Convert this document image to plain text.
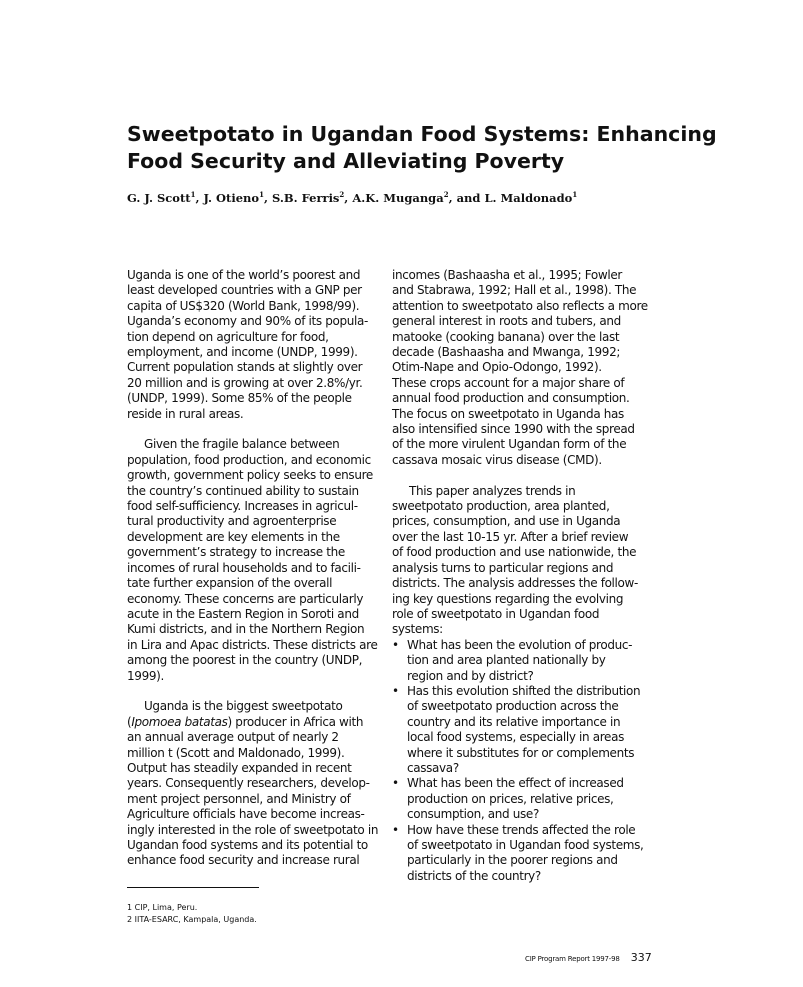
Sweetpotato in Ugandan Food Systems: Enhancing
Food Security and Alleviating Poverty
G. J. Scott$^1$, J. Otieno$^1$, S.B. Ferris$^2$, A.K. Muganga$^2$, and L. Maldonado$^1$
Uganda is one of the world’s poorest and
least developed countries with a GNP per
capita of US$320 (World Bank, 1998/99).
Uganda’s economy and 90% of its popula-
tion depend on agriculture for food,
employment, and income (UNDP, 1999).
Current population stands at slightly over
20 million and is growing at over 2.8%/yr.
(UNDP, 1999). Some 85% of the people
reside in rural areas.
Given the fragile balance between
population, food production, and economic
growth, government policy seeks to ensure
the country’s continued ability to sustain
food self-sufficiency. Increases in agricul-
tural productivity and agroenterprise
development are key elements in the
government’s strategy to increase the
incomes of rural households and to facili-
tate further expansion of the overall
economy. These concerns are particularly
acute in the Eastern Region in Soroti and
Kumi districts, and in the Northern Region
in Lira and Apac districts. These districts are
among the poorest in the country (UNDP,
1999).
Uganda is the biggest sweetpotato
(Ipomoea batatas) producer in Africa with
an annual average output of nearly 2
million t (Scott and Maldonado, 1999).
Output has steadily expanded in recent
years. Consequently researchers, develop-
ment project personnel, and Ministry of
Agriculture officials have become increas-
ingly interested in the role of sweetpotato in
Ugandan food systems and its potential to
enhance food security and increase rural
incomes (Bashaasha et al., 1995; Fowler
and Stabrawa, 1992; Hall et al., 1998). The
attention to sweetpotato also reflects a more
general interest in roots and tubers, and
matooke (cooking banana) over the last
decade (Bashaasha and Mwanga, 1992;
Otim-Nape and Opio-Odongo, 1992).
These crops account for a major share of
annual food production and consumption.
The focus on sweetpotato in Uganda has
also intensified since 1990 with the spread
of the more virulent Ugandan form of the
cassava mosaic virus disease (CMD).
This paper analyzes trends in
sweetpotato production, area planted,
prices, consumption, and use in Uganda
over the last 10-15 yr. After a brief review
of food production and use nationwide, the
analysis turns to particular regions and
districts. The analysis addresses the follow-
ing key questions regarding the evolving
role of sweetpotato in Ugandan food
systems:
• What has been the evolution of produc-
tion and area planted nationally by
region and by district?
• Has this evolution shifted the distribution
of sweetpotato production across the
country and its relative importance in
local food systems, especially in areas
where it substitutes for or complements
cassava?
• What has been the effect of increased
production on prices, relative prices,
consumption, and use?
• How have these trends affected the role
of sweetpotato in Ugandan food systems,
particularly in the poorer regions and
districts of the country?
1 CIP, Lima, Peru.
2 IITA-ESARC, Kampala, Uganda.
CIP Program Report 1997-98 337
